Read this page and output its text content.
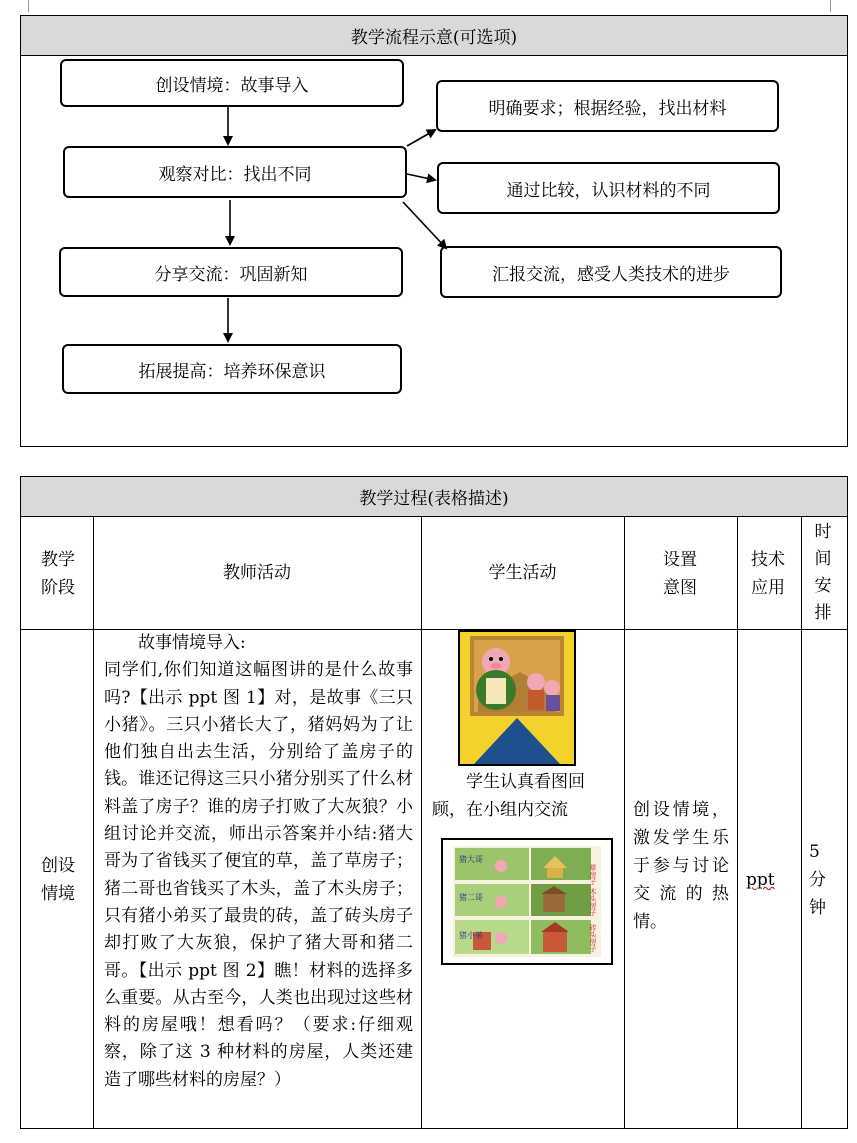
教学流程示意(可选项)
创设情境：故事导入
观察对比：找出不同
分享交流：巩固新知
拓展提高：培养环保意识
明确要求；根据经验，找出材料
通过比较，认识材料的不同
汇报交流，感受人类技术的进步
教学过程(表格描述)
教学阶段
教师活动	学生活动
设置意图
技术应用
时间安排
创设情境

故事情境导入:

同学们,你们知道这幅图讲的是什么故事吗?【出示 ppt 图 1】对，是故事《三只小猪》。三只小猪长大了，猪妈妈为了让他们独自出去生活，分别给了盖房子的钱。谁还记得这三只小猪分别买了什么材料盖了房子？谁的房子打败了大灰狼？小组讨论并交流，师出示答案并小结:猪大哥为了省钱买了便宜的草，盖了草房子；猪二哥也省钱买了木头，盖了木头房子；只有猪小弟买了最贵的砖，盖了砖头房子却打败了大灰狼，保护了猪大哥和猪二哥。【出示 ppt 图 2】瞧！材料的选择多么重要。从古至今，人类也出现过这些材料的房屋哦！想看吗？（要求:仔细观察，除了这 3 种材料的房屋，人类还建造了哪些材料的房屋？）

学生认真看图回顾，在小组内交流
猪大哥
猪二哥
猪小弟
草房子
木头房子
砖头房子
创设情境，激发学生乐于参与讨论交流的热情。
ppt
5分钟
